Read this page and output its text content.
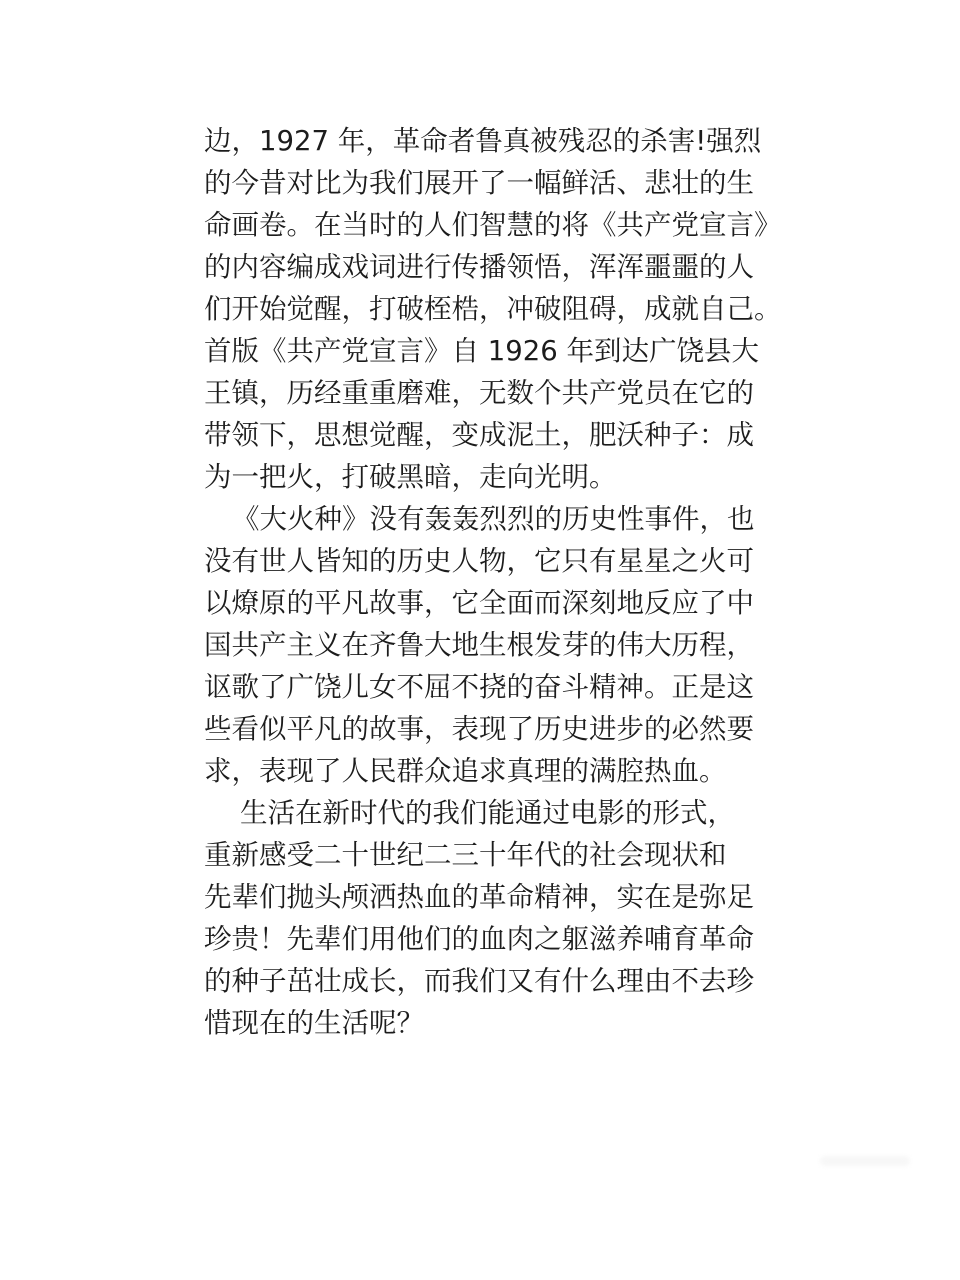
边，1927 年，革命者鲁真被残忍的杀害!强烈
的今昔对比为我们展开了一幅鲜活、悲壮的生
命画卷。在当时的人们智慧的将《共产党宣言》
的内容编成戏词进行传播领悟，浑浑噩噩的人
们开始觉醒，打破桎梏，冲破阻碍，成就自己。
首版《共产党宣言》自 1926 年到达广饶县大
王镇，历经重重磨难，无数个共产党员在它的
带领下，思想觉醒，变成泥土，肥沃种子：成
为一把火，打破黑暗，走向光明。
《大火种》没有轰轰烈烈的历史性事件，也
没有世人皆知的历史人物，它只有星星之火可
以燎原的平凡故事，它全面而深刻地反应了中
国共产主义在齐鲁大地生根发芽的伟大历程，
讴歌了广饶儿女不屈不挠的奋斗精神。正是这
些看似平凡的故事，表现了历史进步的必然要
求，表现了人民群众追求真理的满腔热血。
生活在新时代的我们能通过电影的形式，
重新感受二十世纪二三十年代的社会现状和
先辈们抛头颅洒热血的革命精神，实在是弥足
珍贵！先辈们用他们的血肉之躯滋养哺育革命
的种子茁壮成长，而我们又有什么理由不去珍
惜现在的生活呢？
